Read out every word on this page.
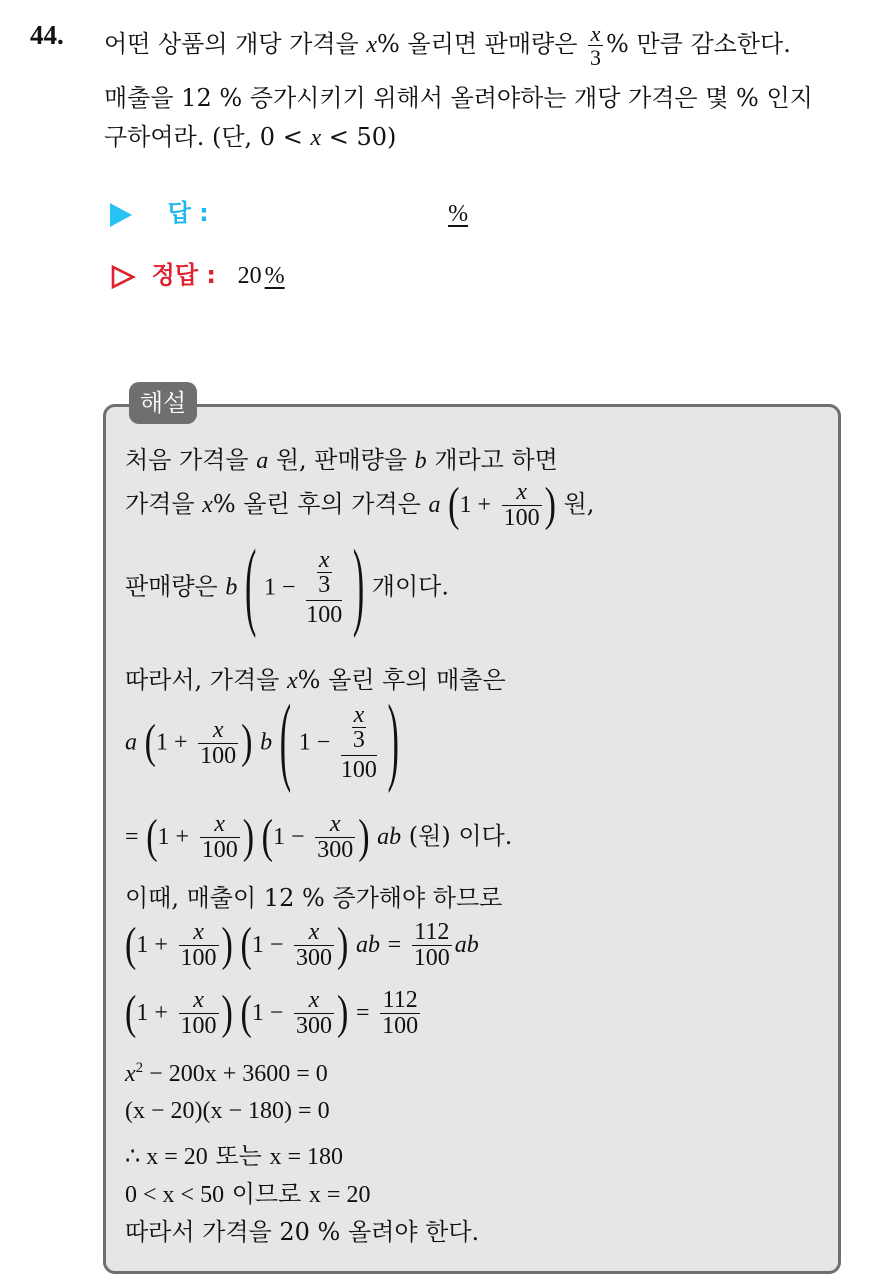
44. 어떤 상품의 개당 가격을 x% 올리면 판매량은 $\frac{x}{3}$ % 만큼 감소한다.
매출을 12 % 증가시키기 위해서 올려야하는 개당 가격은 몇 % 인지
구하여라. (단, 0 < x < 50)
답 :	%
정답 : 20 %
해설
처음 가격을 a 원, 판매량을 b 개라고 하면
가격을 x% 올린 후의 가격은 a ($1 + \frac{x}{100}$ ) 원,
판매량은 b ( $1 - \frac{\frac{x}{3}}{100}$ ) 개이다.
따라서, 가격을 x% 올린 후의 매출은
a ($1 + \frac{x}{100}$ ) b ( $1 - \frac{\frac{x}{3}}{100}$ )
= ($1 + \frac{x}{100}$ ) ($1 - \frac{x}{300}$ ) ab (원) 이다.
이때, 매출이 12 % 증가해야 하므로
($1 + \frac{x}{100}$ ) ($1 - \frac{x}{300}$ ) ab = $\frac{112}{100}$ ab
($1 + \frac{x}{100}$ ) ($1 - \frac{x}{300}$ ) = $\frac{112}{100}$
$x^2 - 200x + 3600 = 0$
(x − 20)(x − 180) = 0
∴ x = 20 또는 x = 180
0 < x < 50 이므로 x = 20
따라서 가격을 20 % 올려야 한다.
